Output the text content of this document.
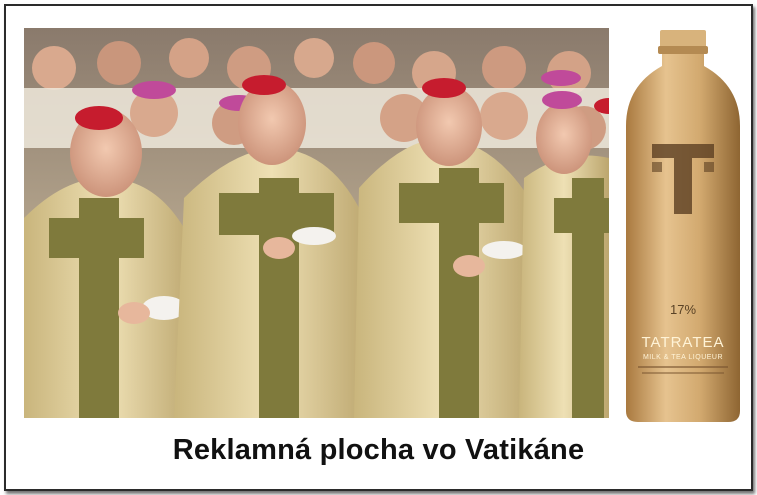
17%
TATRATEA
MILK & TEA LIQUEUR
Reklamná plocha vo Vatikáne
